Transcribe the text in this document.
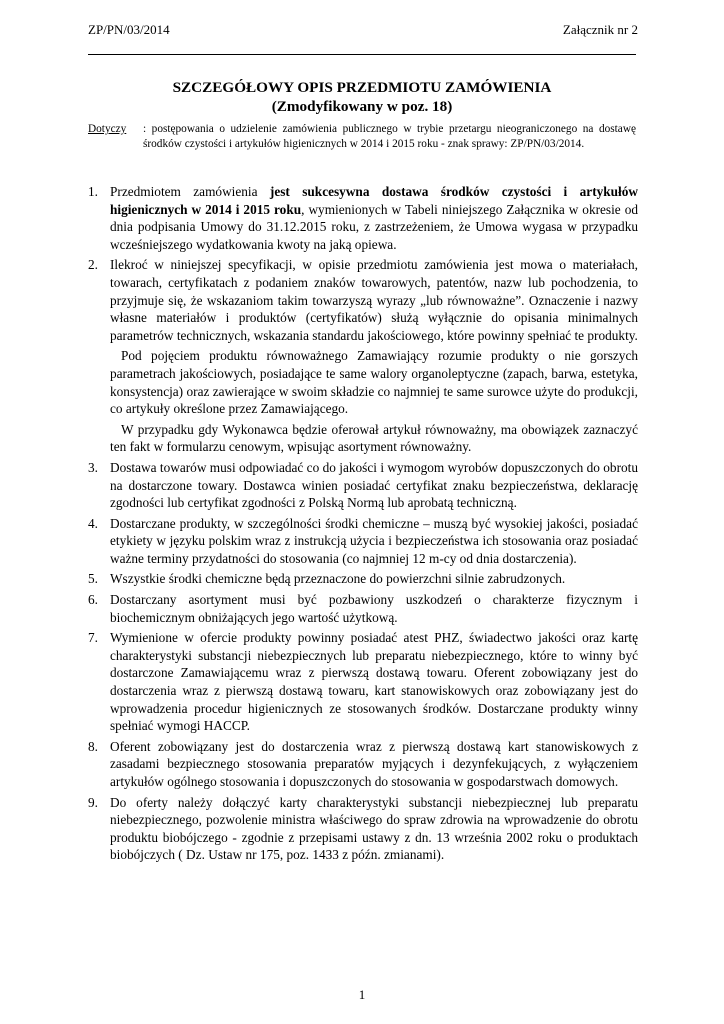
ZP/PN/03/2014	Załącznik nr 2
SZCZEGÓŁOWY OPIS PRZEDMIOTU ZAMÓWIENIA
(Zmodyfikowany w poz. 18)
Dotyczy : postępowania o udzielenie zamówienia publicznego w trybie przetargu nieograniczonego na dostawę środków czystości i artykułów higienicznych w 2014 i 2015 roku - znak sprawy: ZP/PN/03/2014.
1. Przedmiotem zamówienia jest sukcesywna dostawa środków czystości i artykułów higienicznych w 2014 i 2015 roku, wymienionych w Tabeli niniejszego Załącznika w okresie od dnia podpisania Umowy do 31.12.2015 roku, z zastrzeżeniem, że Umowa wygasa w przypadku wcześniejszego wydatkowania kwoty na jaką opiewa.
2. Ilekroć w niniejszej specyfikacji, w opisie przedmiotu zamówienia jest mowa o materiałach, towarach, certyfikatach z podaniem znaków towarowych, patentów, nazw lub pochodzenia, to przyjmuje się, że wskazaniom takim towarzyszą wyrazy „lub równoważne”. Oznaczenie i nazwy własne materiałów i produktów (certyfikatów) służą wyłącznie do opisania minimalnych parametrów technicznych, wskazania standardu jakościowego, które powinny spełniać te produkty.
Pod pojęciem produktu równoważnego Zamawiający rozumie produkty o nie gorszych parametrach jakościowych, posiadające te same walory organoleptyczne (zapach, barwa, estetyka, konsystencja) oraz zawierające w swoim składzie co najmniej te same surowce użyte do produkcji, co artykuły określone przez Zamawiającego.
W przypadku gdy Wykonawca będzie oferował artykuł równoważny, ma obowiązek zaznaczyć ten fakt w formularzu cenowym, wpisując asortyment równoważny.
3. Dostawa towarów musi odpowiadać co do jakości i wymogom wyrobów dopuszczonych do obrotu na dostarczone towary. Dostawca winien posiadać certyfikat znaku bezpieczeństwa, deklarację zgodności lub certyfikat zgodności z Polską Normą lub aprobatą techniczną.
4. Dostarczane produkty, w szczególności środki chemiczne – muszą być wysokiej jakości, posiadać etykiety w języku polskim wraz z instrukcją użycia i bezpieczeństwa ich stosowania oraz posiadać ważne terminy przydatności do stosowania (co najmniej 12 m-cy od dnia dostarczenia).
5. Wszystkie środki chemiczne będą przeznaczone do powierzchni silnie zabrudzonych.
6. Dostarczany asortyment musi być pozbawiony uszkodzeń o charakterze fizycznym i biochemicznym obniżających jego wartość użytkową.
7. Wymienione w ofercie produkty powinny posiadać atest PHZ, świadectwo jakości oraz kartę charakterystyki substancji niebezpiecznych lub preparatu niebezpiecznego, które to winny być dostarczone Zamawiającemu wraz z pierwszą dostawą towaru. Oferent zobowiązany jest do dostarczenia wraz z pierwszą dostawą towaru, kart stanowiskowych oraz zobowiązany jest do wprowadzenia procedur higienicznych ze stosowanych środków. Dostarczane produkty winny spełniać wymogi HACCP.
8. Oferent zobowiązany jest do dostarczenia wraz z pierwszą dostawą kart stanowiskowych z zasadami bezpiecznego stosowania preparatów myjących i dezynfekujących, z wyłączeniem artykułów ogólnego stosowania i dopuszczonych do stosowania w gospodarstwach domowych.
9. Do oferty należy dołączyć karty charakterystyki substancji niebezpiecznej lub preparatu niebezpiecznego, pozwolenie ministra właściwego do spraw zdrowia na wprowadzenie do obrotu produktu biobójczego - zgodnie z przepisami ustawy z dn. 13 września 2002 roku o produktach biobójczych ( Dz. Ustaw nr 175, poz. 1433 z późn. zmianami).
1
